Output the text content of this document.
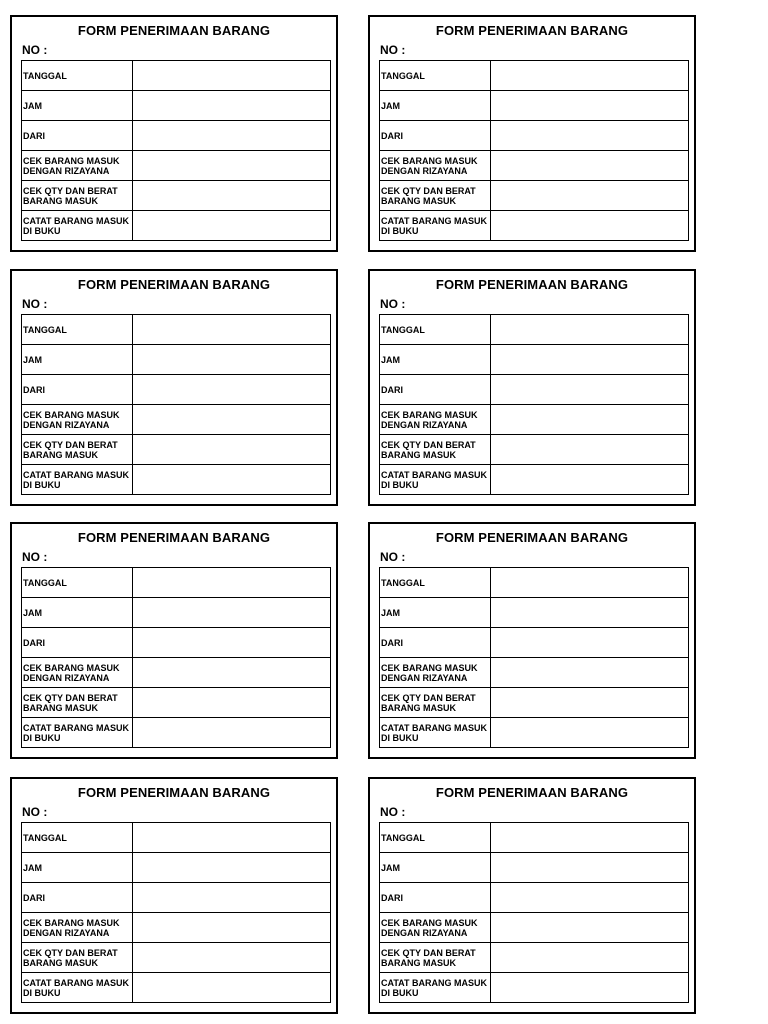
FORM PENERIMAAN BARANG
NO :
TANGGAL	
JAM	
DARI	
CEK BARANG MASUK
DENGAN RIZAYANA	
CEK QTY DAN BERAT
BARANG MASUK	
CATAT BARANG MASUK
DI BUKU	
FORM PENERIMAAN BARANG
NO :
TANGGAL	
JAM	
DARI	
CEK BARANG MASUK
DENGAN RIZAYANA	
CEK QTY DAN BERAT
BARANG MASUK	
CATAT BARANG MASUK
DI BUKU	
FORM PENERIMAAN BARANG
NO :
TANGGAL	
JAM	
DARI	
CEK BARANG MASUK
DENGAN RIZAYANA	
CEK QTY DAN BERAT
BARANG MASUK	
CATAT BARANG MASUK
DI BUKU	
FORM PENERIMAAN BARANG
NO :
TANGGAL	
JAM	
DARI	
CEK BARANG MASUK
DENGAN RIZAYANA	
CEK QTY DAN BERAT
BARANG MASUK	
CATAT BARANG MASUK
DI BUKU	
FORM PENERIMAAN BARANG
NO :
TANGGAL	
JAM	
DARI	
CEK BARANG MASUK
DENGAN RIZAYANA	
CEK QTY DAN BERAT
BARANG MASUK	
CATAT BARANG MASUK
DI BUKU	
FORM PENERIMAAN BARANG
NO :
TANGGAL	
JAM	
DARI	
CEK BARANG MASUK
DENGAN RIZAYANA	
CEK QTY DAN BERAT
BARANG MASUK	
CATAT BARANG MASUK
DI BUKU	
FORM PENERIMAAN BARANG
NO :
TANGGAL	
JAM	
DARI	
CEK BARANG MASUK
DENGAN RIZAYANA	
CEK QTY DAN BERAT
BARANG MASUK	
CATAT BARANG MASUK
DI BUKU	
FORM PENERIMAAN BARANG
NO :
TANGGAL	
JAM	
DARI	
CEK BARANG MASUK
DENGAN RIZAYANA	
CEK QTY DAN BERAT
BARANG MASUK	
CATAT BARANG MASUK
DI BUKU	
